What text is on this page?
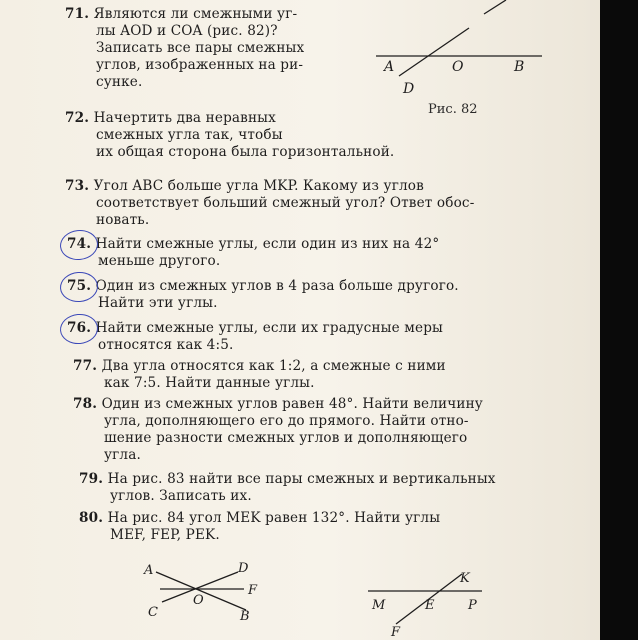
71. Являются ли смежными уг-
лы AOD и COA (рис. 82)?
Записать все пары смежных
углов, изображенных на ри-
сунке.
72. Начертить два неравных
смежных угла так, чтобы
их общая сторона была горизонтальной.
73. Угол ABC больше угла MKP. Какому из углов
соответствует больший смежный угол? Ответ обос-
новать.
74. Найти смежные углы, если один из них на 42°
меньше другого.
75. Один из смежных углов в 4 раза больше другого.
Найти эти углы.
76. Найти смежные углы, если их градусные меры
относятся как 4:5.
77. Два угла относятся как 1:2, а смежные с ними
как 7:5. Найти данные углы.
78. Один из смежных углов равен 48°. Найти величину
угла, дополняющего его до прямого. Найти отно-
шение разности смежных углов и дополняющего
угла.
79. На рис. 83 найти все пары смежных и вертикальных
углов. Записать их.
80. На рис. 84 угол MEK равен 132°. Найти углы
MEF, FEP, PEK.
Рис. 82
A	O	B
D
A	D
F
O
C	B
K
M	E	P
F
